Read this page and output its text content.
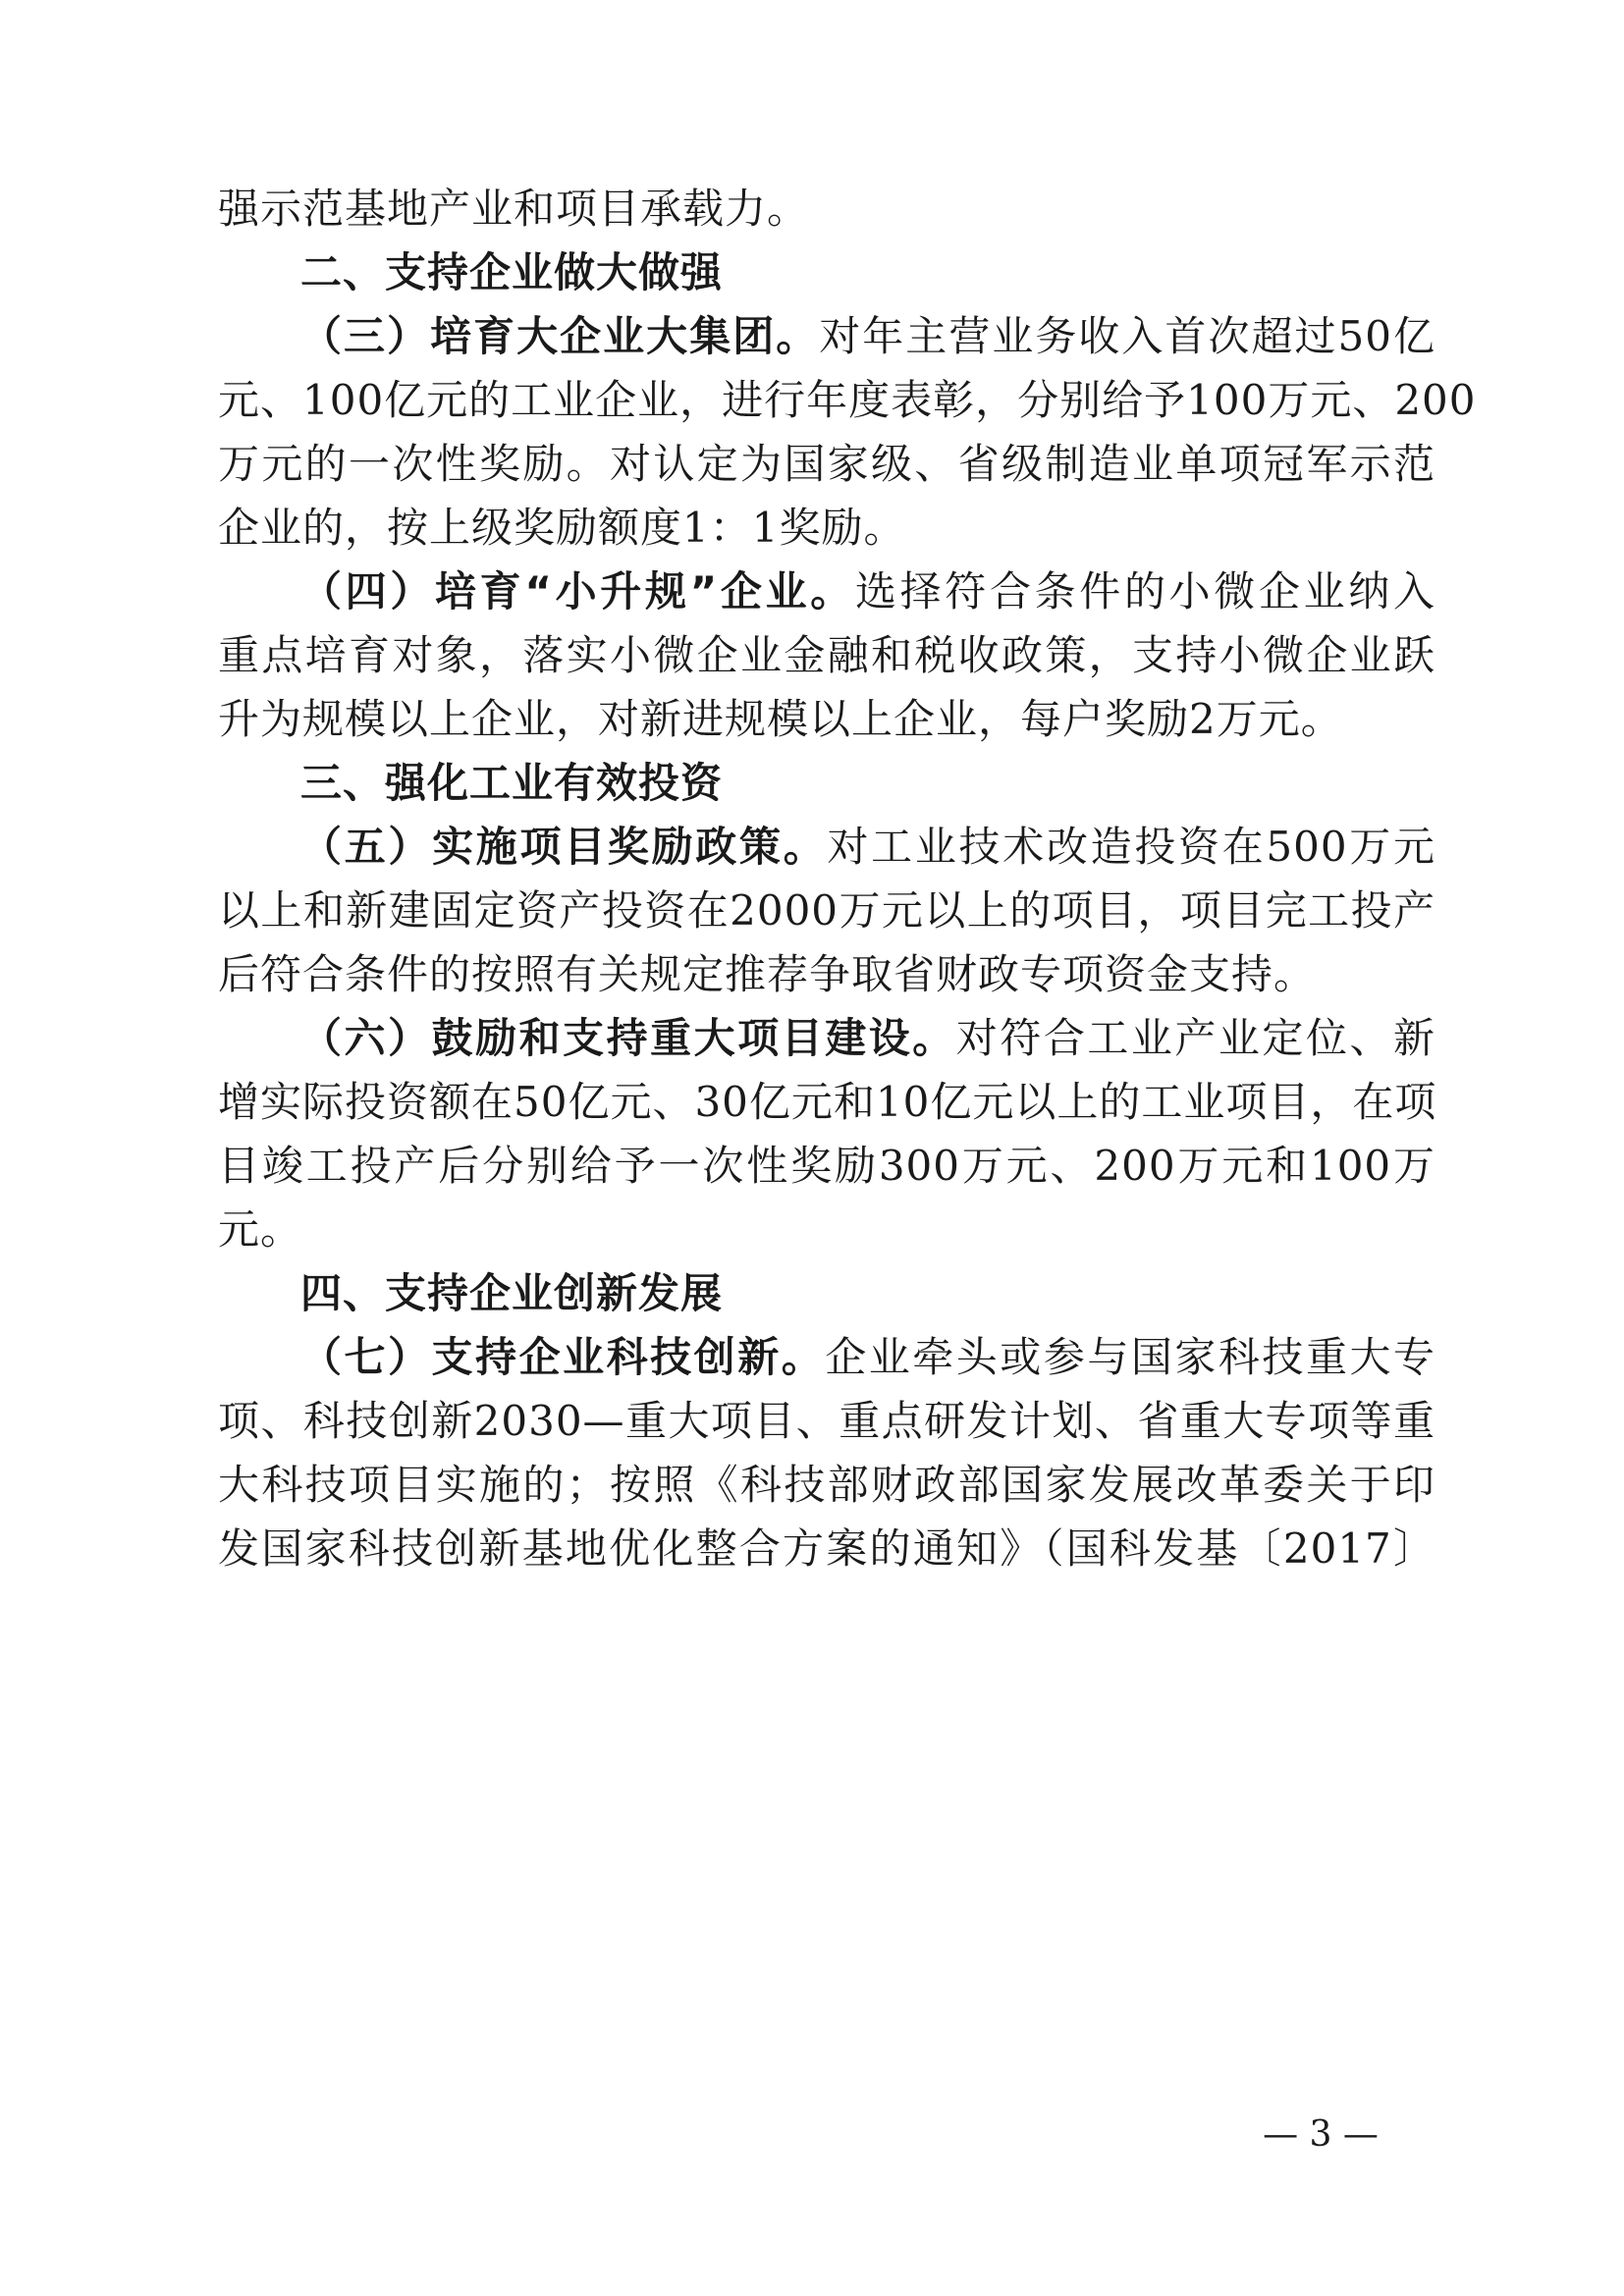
强示范基地产业和项目承载力。
二、支持企业做大做强
（三）培育大企业大集团。对年主营业务收入首次超过50亿
元、100亿元的工业企业，进行年度表彰，分别给予100万元、200
万元的一次性奖励。对认定为国家级、省级制造业单项冠军示范
企业的，按上级奖励额度1：1奖励。
（四）培育“小升规”企业。选择符合条件的小微企业纳入
重点培育对象，落实小微企业金融和税收政策，支持小微企业跃
升为规模以上企业，对新进规模以上企业，每户奖励2万元。
三、强化工业有效投资
（五）实施项目奖励政策。对工业技术改造投资在500万元
以上和新建固定资产投资在2000万元以上的项目，项目完工投产
后符合条件的按照有关规定推荐争取省财政专项资金支持。
（六）鼓励和支持重大项目建设。对符合工业产业定位、新
增实际投资额在50亿元、30亿元和10亿元以上的工业项目，在项
目竣工投产后分别给予一次性奖励300万元、200万元和100万
元。
四、支持企业创新发展
（七）支持企业科技创新。企业牵头或参与国家科技重大专
项、科技创新2030—重大项目、重点研发计划、省重大专项等重
大科技项目实施的；按照《科技部财政部国家发展改革委关于印
发国家科技创新基地优化整合方案的通知》（国科发基〔2017〕
— 3 —
